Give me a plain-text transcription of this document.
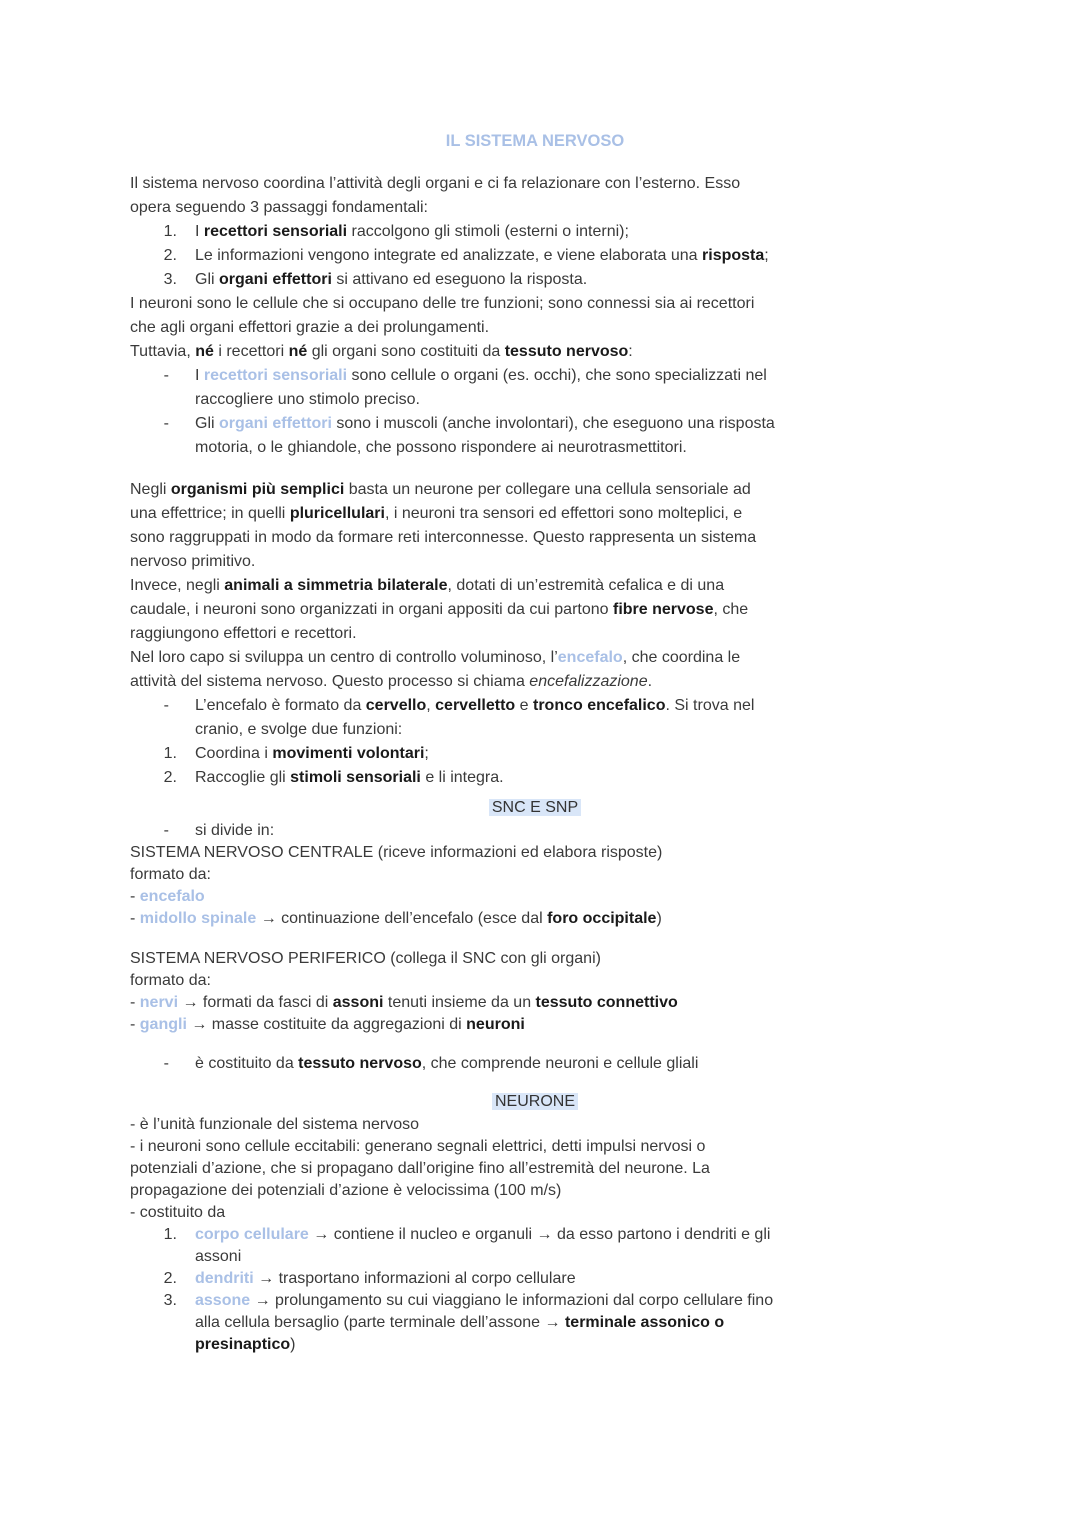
IL SISTEMA NERVOSO
Il sistema nervoso coordina l’attività degli organi e ci fa relazionare con l’esterno. Esso
opera seguendo 3 passaggi fondamentali:
1.	I recettori sensoriali raccolgono gli stimoli (esterni o interni);
2.	Le informazioni vengono integrate ed analizzate, e viene elaborata una risposta;
3.	Gli organi effettori si attivano ed eseguono la risposta.
I neuroni sono le cellule che si occupano delle tre funzioni; sono connessi sia ai recettori
che agli organi effettori grazie a dei prolungamenti.
Tuttavia, né i recettori né gli organi sono costituiti da tessuto nervoso:
-	I recettori sensoriali sono cellule o organi (es. occhi), che sono specializzati nel
raccogliere uno stimolo preciso.
-	Gli organi effettori sono i muscoli (anche involontari), che eseguono una risposta
motoria, o le ghiandole, che possono rispondere ai neurotrasmettitori.
Negli organismi più semplici basta un neurone per collegare una cellula sensoriale ad
una effettrice; in quelli pluricellulari, i neuroni tra sensori ed effettori sono molteplici, e
sono raggruppati in modo da formare reti interconnesse. Questo rappresenta un sistema
nervoso primitivo.
Invece, negli animali a simmetria bilaterale, dotati di un’estremità cefalica e di una
caudale, i neuroni sono organizzati in organi appositi da cui partono fibre nervose, che
raggiungono effettori e recettori.
Nel loro capo si sviluppa un centro di controllo voluminoso, l’encefalo, che coordina le
attività del sistema nervoso. Questo processo si chiama encefalizzazione.
-	L’encefalo è formato da cervello, cervelletto e tronco encefalico. Si trova nel
cranio, e svolge due funzioni:
1.	Coordina i movimenti volontari;
2.	Raccoglie gli stimoli sensoriali e li integra.
SNC E SNP
-	si divide in:
SISTEMA NERVOSO CENTRALE (riceve informazioni ed elabora risposte)
formato da:
- encefalo
- midollo spinale → continuazione dell’encefalo (esce dal foro occipitale)
SISTEMA NERVOSO PERIFERICO (collega il SNC con gli organi)
formato da:
- nervi → formati da fasci di assoni tenuti insieme da un tessuto connettivo
- gangli → masse costituite da aggregazioni di neuroni
-	è costituito da tessuto nervoso, che comprende neuroni e cellule gliali
NEURONE
- è l’unità funzionale del sistema nervoso
- i neuroni sono cellule eccitabili: generano segnali elettrici, detti impulsi nervosi o
potenziali d’azione, che si propagano dall’origine fino all’estremità del neurone. La
propagazione dei potenziali d’azione è velocissima (100 m/s)
- costituito da
1.	corpo cellulare → contiene il nucleo e organuli → da esso partono i dendriti e gli
assoni
2.	dendriti → trasportano informazioni al corpo cellulare
3.	assone → prolungamento su cui viaggiano le informazioni dal corpo cellulare fino
alla cellula bersaglio (parte terminale dell’assone → terminale assonico o
presinaptico)
